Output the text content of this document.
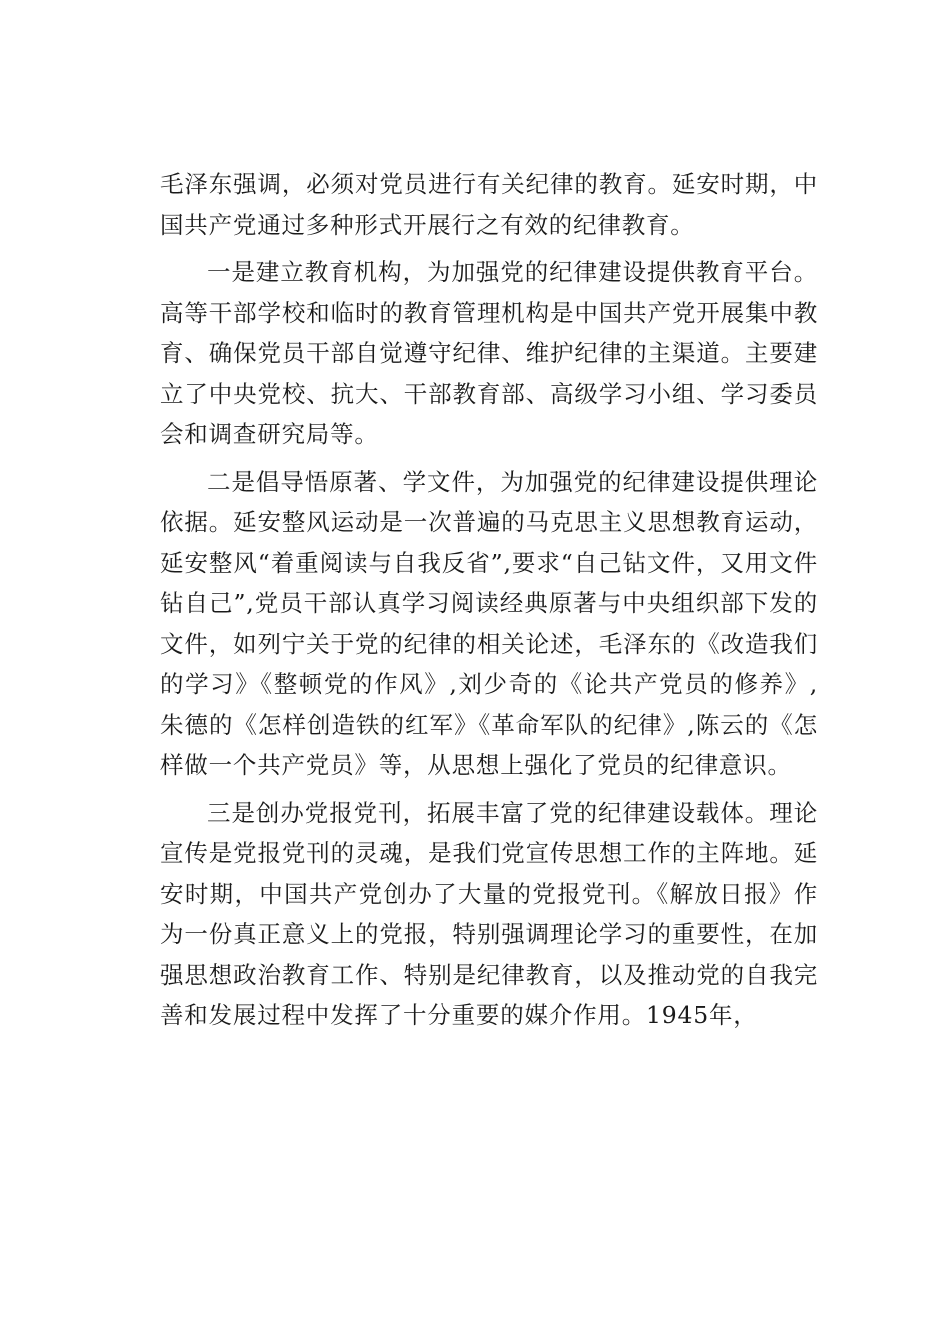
毛泽东强调，必须对党员进行有关纪律的教育。延安时期，中国共产党通过多种形式开展行之有效的纪律教育。

一是建立教育机构，为加强党的纪律建设提供教育平台。高等干部学校和临时的教育管理机构是中国共产党开展集中教育、确保党员干部自觉遵守纪律、维护纪律的主渠道。主要建立了中央党校、抗大、干部教育部、高级学习小组、学习委员会和调查研究局等。

二是倡导悟原著、学文件，为加强党的纪律建设提供理论依据。延安整风运动是一次普遍的马克思主义思想教育运动，延安整风“着重阅读与自我反省”,要求“自己钻文件，又用文件钻自己”,党员干部认真学习阅读经典原著与中央组织部下发的文件，如列宁关于党的纪律的相关论述，毛泽东的《改造我们的学习》《整顿党的作风》,刘少奇的《论共产党员的修养》,朱德的《怎样创造铁的红军》《革命军队的纪律》,陈云的《怎样做一个共产党员》等，从思想上强化了党员的纪律意识。

三是创办党报党刊，拓展丰富了党的纪律建设载体。理论宣传是党报党刊的灵魂，是我们党宣传思想工作的主阵地。延安时期，中国共产党创办了大量的党报党刊。《解放日报》作为一份真正意义上的党报，特别强调理论学习的重要性，在加强思想政治教育工作、特别是纪律教育，以及推动党的自我完善和发展过程中发挥了十分重要的媒介作用。1945年，
